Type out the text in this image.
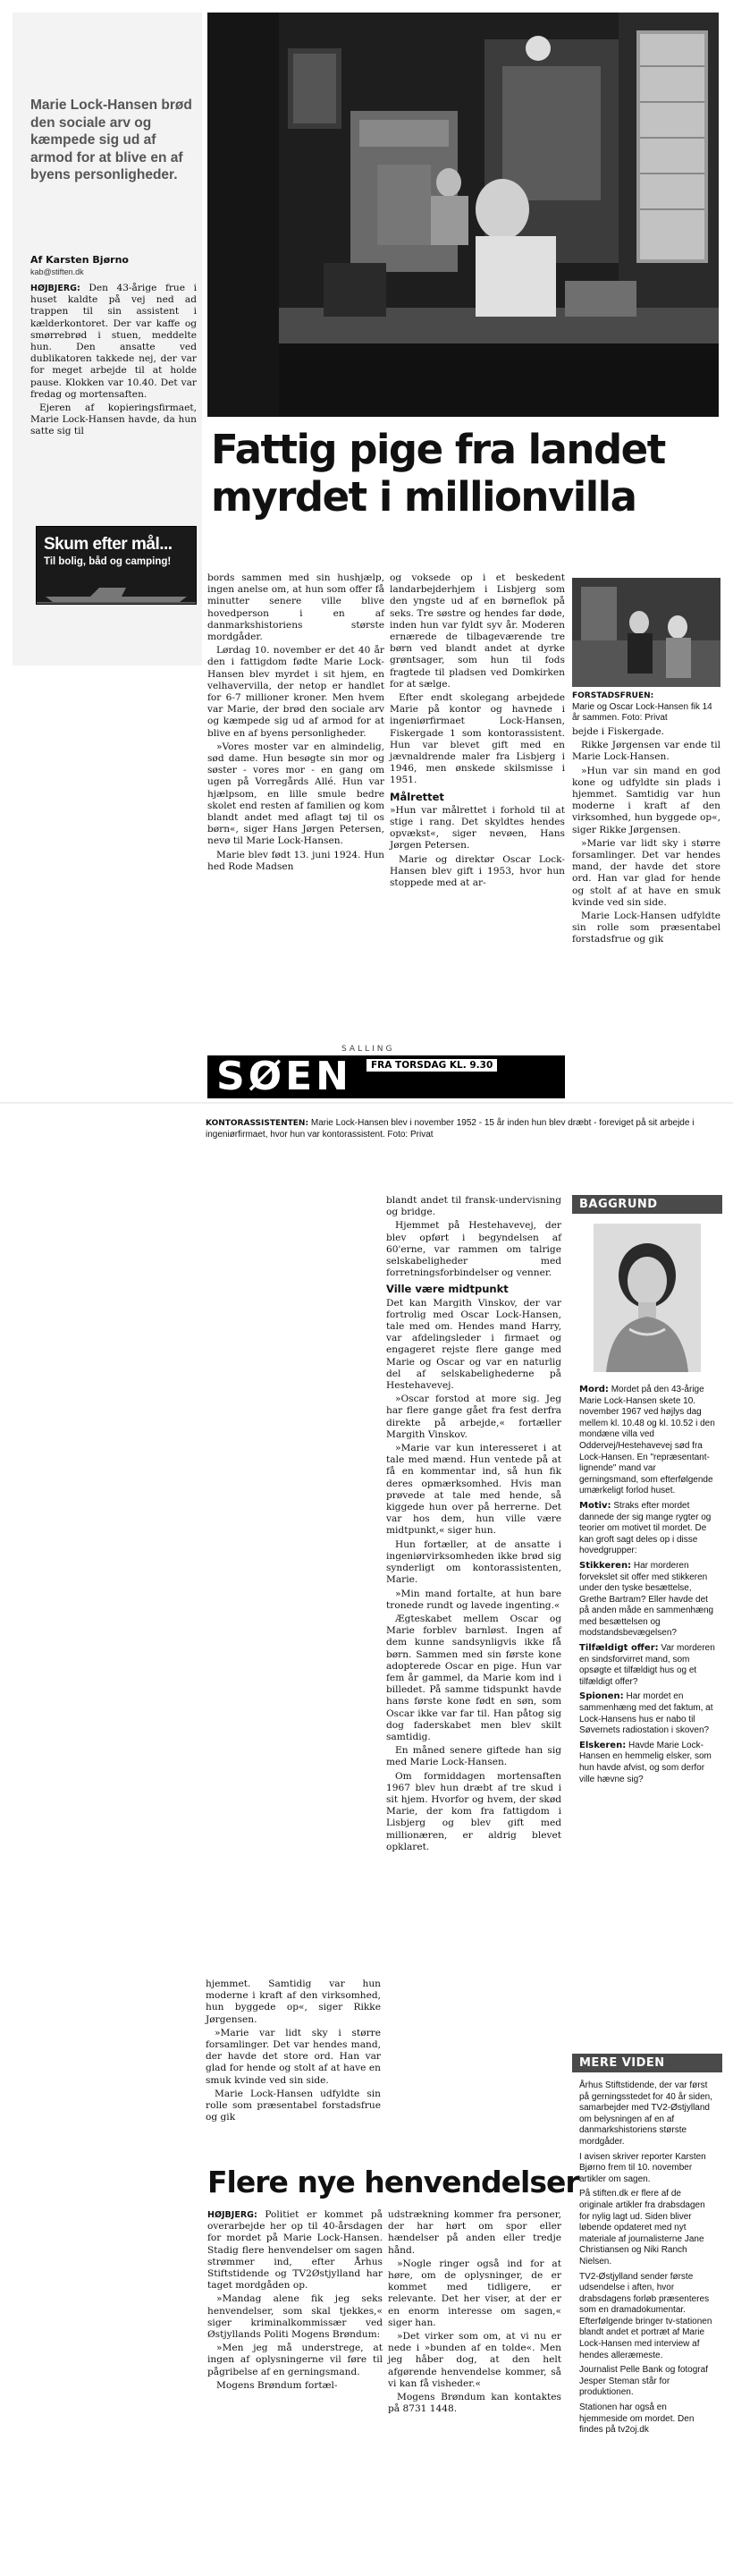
Marie Lock-Hansen brød den sociale arv og kæmpede sig ud af armod for at blive en af byens personligheder.
Af Karsten Bjørno
kab@stiften.dk

HØJBJERG: Den 43-årige frue i huset kaldte på vej ned ad trappen til sin assistent i kælderkontoret. Der var kaffe og smørrebrød i stuen, meddelte hun. Den ansatte ved dublikatoren takkede nej, der var for meget arbejde til at holde pause. Klokken var 10.40. Det var fredag og mortensaften.

Ejeren af kopieringsfirmaet, Marie Lock-Hansen havde, da hun satte sig til

Skum efter mål...
Til bolig, båd og camping!
Fattig pige fra landet
myrdet i millionvilla

bords sammen med sin hushjælp, ingen anelse om, at hun som offer få minutter senere ville blive hovedperson i en af danmarkshistoriens største mordgåder.

Lørdag 10. november er det 40 år den i fattigdom fødte Marie Lock-Hansen blev myrdet i sit hjem, en velhavervilla, der netop er handlet for 6-7 millioner kroner. Men hvem var Marie, der brød den sociale arv og kæmpede sig ud af armod for at blive en af byens personligheder.

»Vores moster var en almindelig, sød dame. Hun besøgte sin mor og søster - vores mor - en gang om ugen på Vorregårds Allé. Hun var hjælpsom, en lille smule bedre skolet end resten af familien og kom blandt andet med aflagt tøj til os børn«, siger Hans Jørgen Petersen, nevø til Marie Lock-Hansen.

Marie blev født 13. juni 1924. Hun hed Rode Madsen

og voksede op i et beskedent landarbejderhjem i Lisbjerg som den yngste ud af en børneflok på seks. Tre søstre og hendes far døde, inden hun var fyldt syv år. Moderen ernærede de tilbageværende tre børn ved blandt andet at dyrke grøntsager, som hun til fods fragtede til pladsen ved Domkirken for at sælge.

Efter endt skolegang arbejdede Marie på kontor og havnede i ingeniørfirmaet Lock-Hansen, Fiskergade 1 som kontorassistent. Hun var blevet gift med en jævnaldrende maler fra Lisbjerg i 1946, men ønskede skilsmisse i 1951.

Målrettet

»Hun var målrettet i forhold til at stige i rang. Det skyldtes hendes opvækst«, siger nevøen, Hans Jørgen Petersen.

Marie og direktør Oscar Lock-Hansen blev gift i 1953, hvor hun stoppede med at ar-

FORSTADSFRUEN:
Marie og Oscar Lock-Hansen fik 14 år sammen. Foto: Privat

bejde i Fiskergade.

Rikke Jørgensen var ende til Marie Lock-Hansen.

»Hun var sin mand en god kone og udfyldte sin plads i hjemmet. Samtidig var hun moderne i kraft af den virksomhed, hun byggede op«, siger Rikke Jørgensen.

»Marie var lidt sky i større forsamlinger. Det var hendes mand, der havde det store ord. Han var glad for hende og stolt af at have en smuk kvinde ved sin side.

Marie Lock-Hansen udfyldte sin rolle som præsentabel forstadsfrue og gik

SALLING
SØEN	FRA TORSDAG KL. 9.30
KONTORASSISTENTEN: Marie Lock-Hansen blev i november 1952 - 15 år inden hun blev dræbt - foreviget på sit arbejde i ingeniørfirmaet, hvor hun var kontorassistent. Foto: Privat

hjemmet. Samtidig var hun moderne i kraft af den virksomhed, hun byggede op«, siger Rikke Jørgensen.

»Marie var lidt sky i større forsamlinger. Det var hendes mand, der havde det store ord. Han var glad for hende og stolt af at have en smuk kvinde ved sin side.

Marie Lock-Hansen udfyldte sin rolle som præsentabel forstadsfrue og gik

blandt andet til fransk-undervisning og bridge.

Hjemmet på Hestehavevej, der blev opført i begyndelsen af 60'erne, var rammen om talrige selskabeligheder med forretningsforbindelser og venner.

Ville være midtpunkt

Det kan Margith Vinskov, der var fortrolig med Oscar Lock-Hansen, tale med om. Hendes mand Harry, var afdelingsleder i firmaet og engageret rejste flere gange med Marie og Oscar og var en naturlig del af selskabelighederne på Hestehavevej.

»Oscar forstod at more sig. Jeg har flere gange gået fra fest derfra direkte på arbejde,« fortæller Margith Vinskov.

»Marie var kun interesseret i at tale med mænd. Hun ventede på at få en kommentar ind, så hun fik deres opmærksomhed. Hvis man prøvede at tale med hende, så kiggede hun over på herrerne. Det var hos dem, hun ville være midtpunkt,« siger hun.

Hun fortæller, at de ansatte i ingeniørvirksomheden ikke brød sig synderligt om kontorassistenten, Marie.

»Min mand fortalte, at hun bare tronede rundt og lavede ingenting.«

Ægteskabet mellem Oscar og Marie forblev barnløst. Ingen af dem kunne sandsynligvis ikke få børn. Sammen med sin første kone adopterede Oscar en pige. Hun var fem år gammel, da Marie kom ind i billedet. På samme tidspunkt havde hans første kone født en søn, som Oscar ikke var far til. Han påtog sig dog faderskabet men blev skilt samtidig.

En måned senere giftede han sig med Marie Lock-Hansen.

Om formiddagen mortensaften 1967 blev hun dræbt af tre skud i sit hjem. Hvorfor og hvem, der skød Marie, der kom fra fattigdom i Lisbjerg og blev gift med millionæren, er aldrig blevet opklaret.

Flere nye henvendelser

HØJBJERG: Politiet er kommet på overarbejde her op til 40-årsdagen for mordet på Marie Lock-Hansen. Stadig flere henvendelser om sagen strømmer ind, efter Århus Stiftstidende og TV2Østjylland har taget mordgåden op.

»Mandag alene fik jeg seks henvendelser, som skal tjekkes,« siger kriminalkommissær ved Østjyllands Politi Mogens Brøndum:

»Men jeg må understrege, at ingen af oplysningerne vil føre til pågribelse af en gerningsmand.

Mogens Brøndum fortæl-

udstrækning kommer fra personer, der har hørt om spor eller hændelser på anden eller tredje hånd.

»Nogle ringer også ind for at høre, om de oplysninger, de er kommet med tidligere, er relevante. Det her viser, at der er en enorm interesse om sagen,« siger han.

»Det virker som om, at vi nu er nede i »bunden af en tolde«. Men jeg håber dog, at den helt afgørende henvendelse kommer, så vi kan få visheder.«

Mogens Brøndum kan kontaktes på 8731 1448.

BAGGRUND

Mord: Mordet på den 43-årige Marie Lock-Hansen skete 10. november 1967 ved højlys dag mellem kl. 10.48 og kl. 10.52 i den mondæne villa ved Oddervej/Hestehavevej sød fra Lock-Hansen. En "repræsentant-lignende" mand var gerningsmand, som efterfølgende umærkeligt forlod huset.

Motiv: Straks efter mordet dannede der sig mange rygter og teorier om motivet til mordet. De kan groft sagt deles op i disse hovedgrupper:

Stikkeren: Har morderen forvekslet sit offer med stikkeren under den tyske besættelse, Grethe Bartram? Eller havde det på anden måde en sammenhæng med besættelsen og modstandsbevægelsen?

Tilfældigt offer: Var morderen en sindsforvirret mand, som opsøgte et tilfældigt hus og et tilfældigt offer?

Spionen: Har mordet en sammenhæng med det faktum, at Lock-Hansens hus er nabo til Søvernets radiostation i skoven?

Elskeren: Havde Marie Lock-Hansen en hemmelig elsker, som hun havde afvist, og som derfor ville hævne sig?

MERE VIDEN

Århus Stiftstidende, der var først på gerningsstedet for 40 år siden, samarbejder med TV2-Østjylland om belysningen af en af danmarkshistoriens største mordgåder.

I avisen skriver reporter Karsten Bjørno frem til 10. november artikler om sagen.

På stiften.dk er flere af de originale artikler fra drabsdagen for nylig lagt ud. Siden bliver løbende opdateret med nyt materiale af journalisterne Jane Christiansen og Niki Ranch Nielsen.

TV2-Østjylland sender første udsendelse i aften, hvor drabsdagens forløb præsenteres som en dramadokumentar. Efterfølgende bringer tv-stationen blandt andet et portræt af Marie Lock-Hansen med interview af hendes alleræmeste.

Journalist Pelle Bank og fotograf Jesper Steman står for produktionen.

Stationen har også en hjemmeside om mordet. Den findes på tv2oj.dk
